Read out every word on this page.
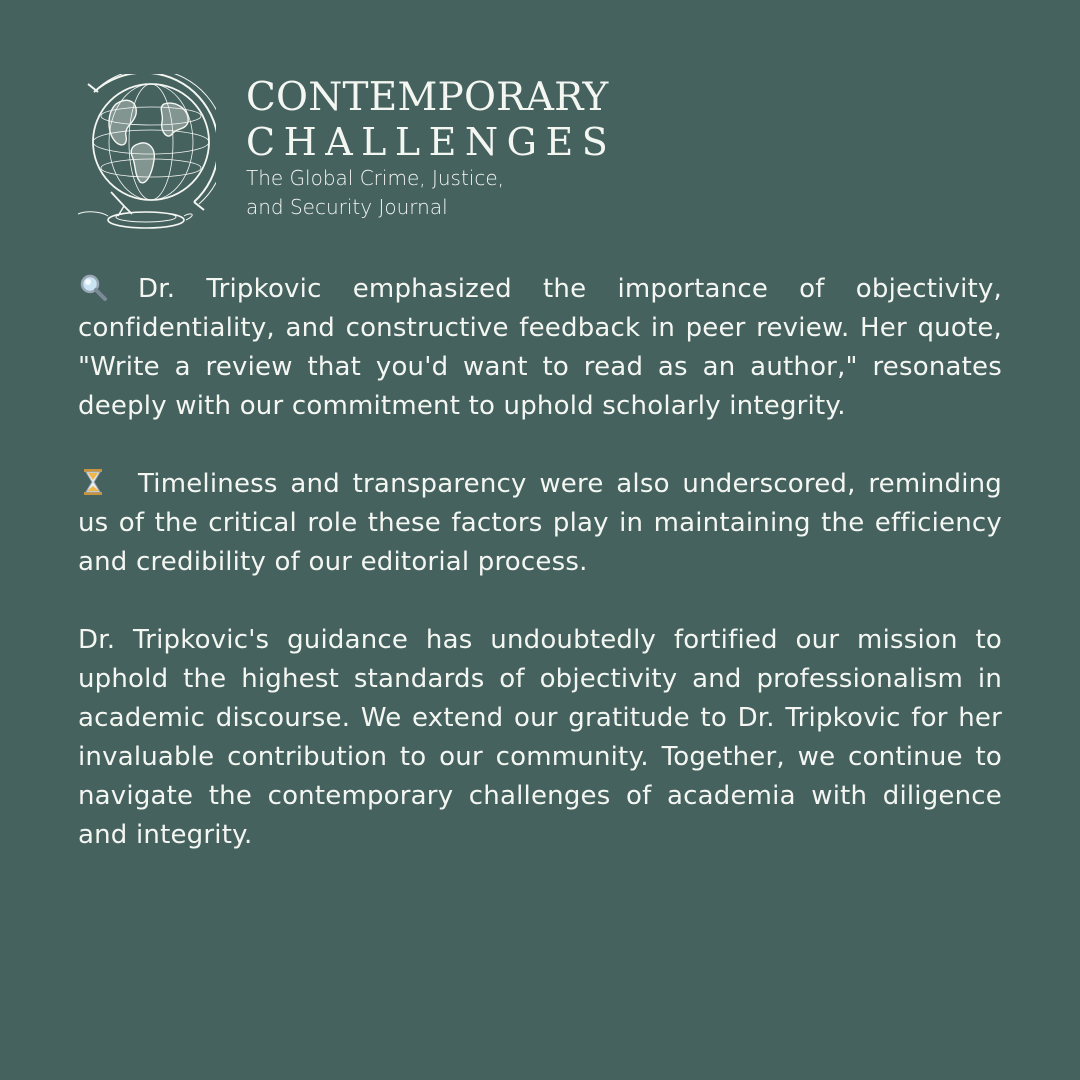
CONTEMPORARY
CHALLENGES
The Global Crime, Justice,
and Security Journal

Dr. Tripkovic emphasized the importance of objectivity, confidentiality, and constructive feedback in peer review. Her quote, "Write a review that you'd want to read as an author," resonates deeply with our commitment to uphold scholarly integrity.

Timeliness and transparency were also underscored, reminding us of the critical role these factors play in maintaining the efficiency and credibility of our editorial process.

Dr. Tripkovic's guidance has undoubtedly fortified our mission to uphold the highest standards of objectivity and professionalism in academic discourse. We extend our gratitude to Dr. Tripkovic for her invaluable contribution to our community. Together, we continue to navigate the contemporary challenges of academia with diligence and integrity.
